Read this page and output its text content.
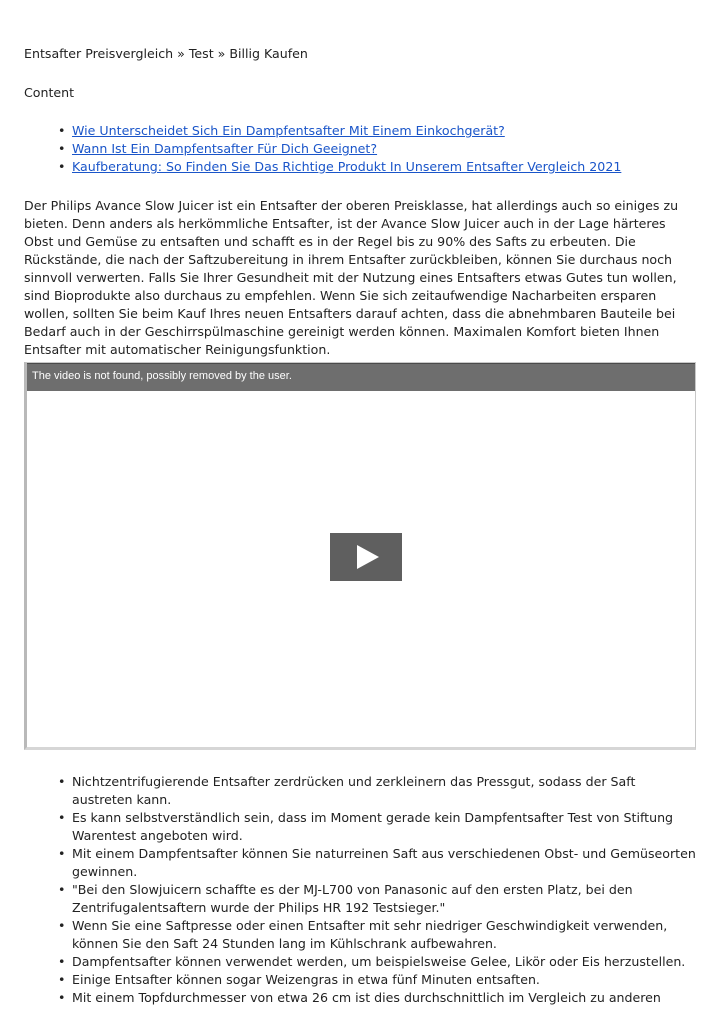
Entsafter Preisvergleich » Test » Billig Kaufen
Content
• Wie Unterscheidet Sich Ein Dampfentsafter Mit Einem Einkochgerät?
• Wann Ist Ein Dampfentsafter Für Dich Geeignet?
• Kaufberatung: So Finden Sie Das Richtige Produkt In Unserem Entsafter Vergleich 2021

Der Philips Avance Slow Juicer ist ein Entsafter der oberen Preisklasse, hat allerdings auch so einiges zu bieten. Denn anders als herkömmliche Entsafter, ist der Avance Slow Juicer auch in der Lage härteres Obst und Gemüse zu entsaften und schafft es in der Regel bis zu 90% des Safts zu erbeuten. Die Rückstände, die nach der Saftzubereitung in ihrem Entsafter zurückbleiben, können Sie durchaus noch sinnvoll verwerten. Falls Sie Ihrer Gesundheit mit der Nutzung eines Entsafters etwas Gutes tun wollen, sind Bioprodukte also durchaus zu empfehlen. Wenn Sie sich zeitaufwendige Nacharbeiten ersparen wollen, sollten Sie beim Kauf Ihres neuen Entsafters darauf achten, dass die abnehmbaren Bauteile bei Bedarf auch in der Geschirrspülmaschine gereinigt werden können. Maximalen Komfort bieten Ihnen Entsafter mit automatischer Reinigungsfunktion.

The video is not found, possibly removed by the user.
• Nichtzentrifugierende Entsafter zerdrücken und zerkleinern das Pressgut, sodass der Saft austreten kann.
• Es kann selbstverständlich sein, dass im Moment gerade kein Dampfentsafter Test von Stiftung Warentest angeboten wird.
• Mit einem Dampfentsafter können Sie naturreinen Saft aus verschiedenen Obst- und Gemüseorten gewinnen.
• "Bei den Slowjuicern schaffte es der MJ-L700 von Panasonic auf den ersten Platz, bei den Zentrifugalentsaftern wurde der Philips HR 192 Testsieger."
• Wenn Sie eine Saftpresse oder einen Entsafter mit sehr niedriger Geschwindigkeit verwenden, können Sie den Saft 24 Stunden lang im Kühlschrank aufbewahren.
• Dampfentsafter können verwendet werden, um beispielsweise Gelee, Likör oder Eis herzustellen.
• Einige Entsafter können sogar Weizengras in etwa fünf Minuten entsaften.
• Mit einem Topfdurchmesser von etwa 26 cm ist dies durchschnittlich im Vergleich zu anderen
